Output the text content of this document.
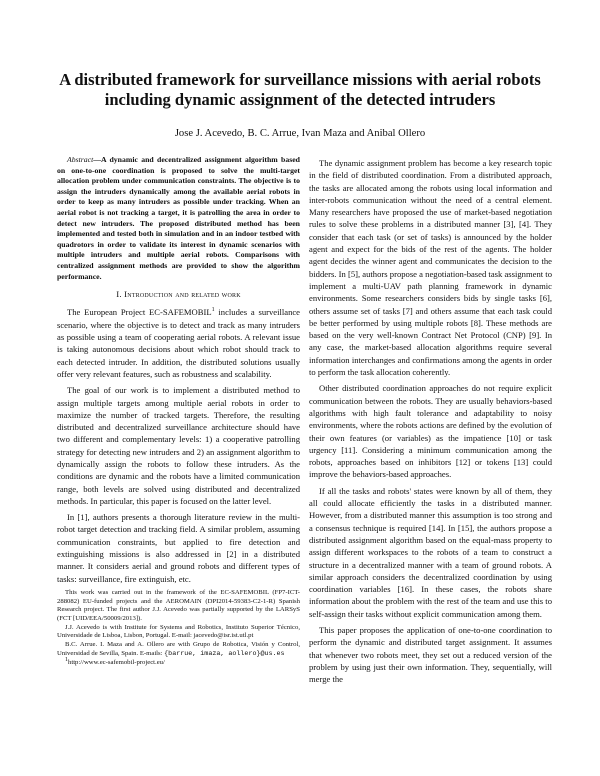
A distributed framework for surveillance missions with aerial robots
including dynamic assignment of the detected intruders
Jose J. Acevedo, B. C. Arrue, Ivan Maza and Anibal Ollero

Abstract—A dynamic and decentralized assignment algorithm based on one-to-one coordination is proposed to solve the multi-target allocation problem under communication constraints. The objective is to assign the intruders dynamically among the available aerial robots in order to keep as many intruders as possible under tracking. When an aerial robot is not tracking a target, it is patrolling the area in order to detect new intruders. The proposed distributed method has been implemented and tested both in simulation and in an indoor testbed with quadrotors in order to validate its interest in dynamic scenarios with multiple intruders and multiple aerial robots. Comparisons with centralized assignment methods are provided to show the algorithm performance.

I. Introduction and related work

The European Project EC-SAFEMOBIL$^1$ includes a surveillance scenario, where the objective is to detect and track as many intruders as possible using a team of cooperating aerial robots. A relevant issue is taking autonomous decisions about which robot should track to each detected intruder. In addition, the distributed solutions usually offer very relevant features, such as robustness and scalability.

The goal of our work is to implement a distributed method to assign multiple targets among multiple aerial robots in order to maximize the number of tracked targets. Therefore, the resulting distributed and decentralized surveillance architecture should have two different and complementary levels: 1) a cooperative patrolling strategy for detecting new intruders and 2) an assignment algorithm to dynamically assign the robots to follow these intruders. As the conditions are dynamic and the robots have a limited communication range, both levels are solved using distributed and decentralized methods. In particular, this paper is focused on the latter level.

In [1], authors presents a thorough literature review in the multi-robot target detection and tracking field. A similar problem, assuming communication constraints, but applied to fire detection and extinguishing missions is also addressed in [2] in a distributed manner. It considers aerial and ground robots and different types of tasks: surveillance, fire extinguish, etc.

This work was carried out in the framework of the EC-SAFEMOBIL (FP7-ICT-288082) EU-funded projects and the AEROMAIN (DPI2014-59383-C2-1-R) Spanish Research project. The first author J.J. Acevedo was partially supported by the LARSyS (FCT [UID/EEA/50009/2013]).

J.J. Acevedo is with Institute for Systems and Robotics, Instituto Superior Técnico, Universidade de Lisboa, Lisbon, Portugal. E-mail: jacevedo@isr.ist.utl.pt

B.C. Arrue. I. Maza and A. Ollero are with Grupo de Robotica, Visión y Control, Universidad de Sevilla, Spain. E-mails: {barrue, imaza, aollero}@us.es

1http://www.ec-safemobil-project.eu/

The dynamic assignment problem has become a key research topic in the field of distributed coordination. From a distributed approach, the tasks are allocated among the robots using local information and inter-robots communication without the need of a central element. Many researchers have proposed the use of market-based negotiation rules to solve these problems in a distributed manner [3], [4]. They consider that each task (or set of tasks) is announced by the holder agent and expect for the bids of the rest of the agents. The holder agent decides the winner agent and communicates the decision to the bidders. In [5], authors propose a negotiation-based task assignment to implement a multi-UAV path planning framework in dynamic environments. Some researchers considers bids by single tasks [6], others assume set of tasks [7] and others assume that each task could be better performed by using multiple robots [8]. These methods are based on the very well-known Contract Net Protocol (CNP) [9]. In any case, the market-based allocation algorithms require several information interchanges and confirmations among the agents in order to perform the task allocation coherently.

Other distributed coordination approaches do not require explicit communication between the robots. They are usually behaviors-based algorithms with high fault tolerance and adaptability to noisy environments, where the robots actions are defined by the evolution of their own features (or variables) as the impatience [10] or task urgency [11]. Considering a minimum communication among the robots, approaches based on inhibitors [12] or tokens [13] could improve the behaviors-based approaches.

If all the tasks and robots' states were known by all of them, they all could allocate efficiently the tasks in a distributed manner. However, from a distributed manner this assumption is too strong and a consensus technique is required [14]. In [15], the authors propose a distributed assignment algorithm based on the equal-mass property to assign different workspaces to the robots of a team to construct a structure in a decentralized manner with a team of ground robots. A similar approach considers the decentralized coordination by using coordination variables [16]. In these cases, the robots share information about the problem with the rest of the team and use this to self-assign their tasks without explicit communication among them.

This paper proposes the application of one-to-one coordination to perform the dynamic and distributed target assignment. It assumes that whenever two robots meet, they set out a reduced version of the problem by using just their own information. They, sequentially, will merge the
